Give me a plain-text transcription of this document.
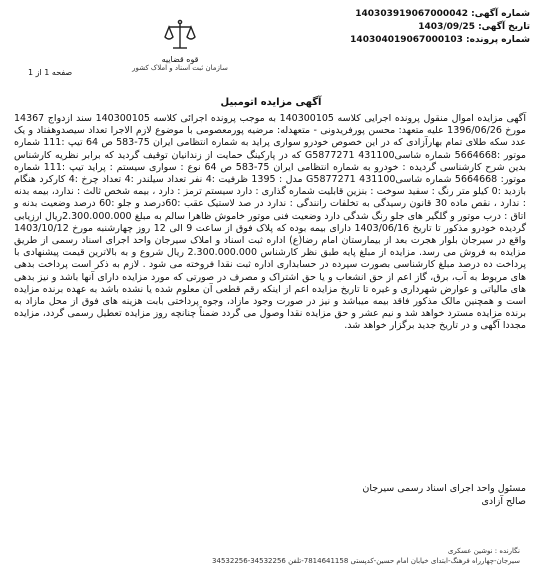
شماره آگهی: 140303919067000042
تاریخ آگهی: 1403/09/25
شماره پرونده: 140304019067000103
قوه قضاییه
سازمان ثبت اسناد و املاک کشور
صفحه 1 از 1
آگهی مزایده اتومبیل

آگهی مزایده اموال منقول پرونده اجرایی کلاسه 140300105 به موجب پرونده اجرائی کلاسه 140300105 سند ازدواج 14367 مورخ 1396/06/26 علیه متعهد: محسن پورفریدونی - متعهدله: مرضیه پورمعصومی با موضوع لازم الاجرا تعداد سیصدوهفتاد و یک عدد سکه طلای تمام بهارآزادی که در این خصوص خودرو سواری پراید به شماره انتظامی ایران 75-583 ص 64 تیپ :111 شماره موتور :5664668 شماره شاسی431100 G5877271 که در پارکینگ حمایت از زندانیان توقیف گردید که برابر نظریه کارشناس بدین شرح کارشناسی گردیده : خودرو به شماره انتظامی ایران 75-583 ص 64 نوع : سواری سیستم : پراید تیپ :111 شماره موتور: 5664668 شماره شاسی431100 G5877271 مدل : 1395 ظرفیت :4 نفر تعداد سیلندر :4 تعداد چرخ :4 کارکرد هنگام بازدید :0 کیلو متر رنگ : سفید سوخت : بنزین قابلیت شماره گذاری : دارد سیستم ترمز : دارد ، بیمه شخص ثالث : ندارد، بیمه بدنه : ندارد ، نقص ماده 30 قانون رسیدگی به تخلفات رانندگی : ندارد در صد لاستیک عقب :60درصد و جلو :60 درصد وضعیت بدنه و اتاق : درب موتور و گلگیر های جلو رنگ شدگی دارد وضعیت فنی موتور خاموش ظاهرا سالم به مبلغ 2.300.000.000ریال ارزیابی گردیده خودرو مذکور تا تاریخ 1403/06/16 دارای بیمه بوده که پلاک فوق از ساعت 9 الی 12 روز چهارشنبه مورخ 1403/10/12 واقع در سیرجان بلوار هجرت بعد از بیمارستان امام رضا(ع) اداره ثبت اسناد و املاک سیرجان واحد اجرای اسناد رسمی از طریق مزایده به فروش می رسد. مزایده از مبلغ پایه طبق نظر کارشناس 2.300.000.000 ریال شروع و به بالاترین قیمت پیشنهادی با پرداخت ده درصد مبلغ کارشناسی بصورت سپرده در حسابداری اداره ثبت نقدا فروخته می شود . لازم به ذکر است پرداخت بدهی های مربوط به آب، برق، گاز اعم از حق انشعاب و یا حق اشتراک و مصرف در صورتی که مورد مزایده دارای آنها باشد و نیز بدهی های مالیاتی و عوارض شهرداری و غیره تا تاریخ مزایده اعم از اینکه رقم قطعی آن معلوم شده یا نشده باشد به عهده برنده مزایده است و همچنین مالک مذکور فاقد بیمه میباشد و نیز در صورت وجود مازاد، وجوه پرداختی بابت هزینه های فوق از محل مازاد به برنده مزایده مسترد خواهد شد و نیم عشر و حق مزایده نقدا وصول می گردد ضمناً چنانچه روز مزایده تعطیل رسمی گردد، مزایده مجددا آگهی و در تاریخ جدید برگزار خواهد شد.

مسئول واحد اجرای اسناد رسمی سیرجان
صالح آزادی
نگارنده : نوشین عسکری
سیرجان-چهارراه فرهنگ-ابتدای خیابان امام حسین-کدپستی 7814641158-تلفن 34532256-34532256
